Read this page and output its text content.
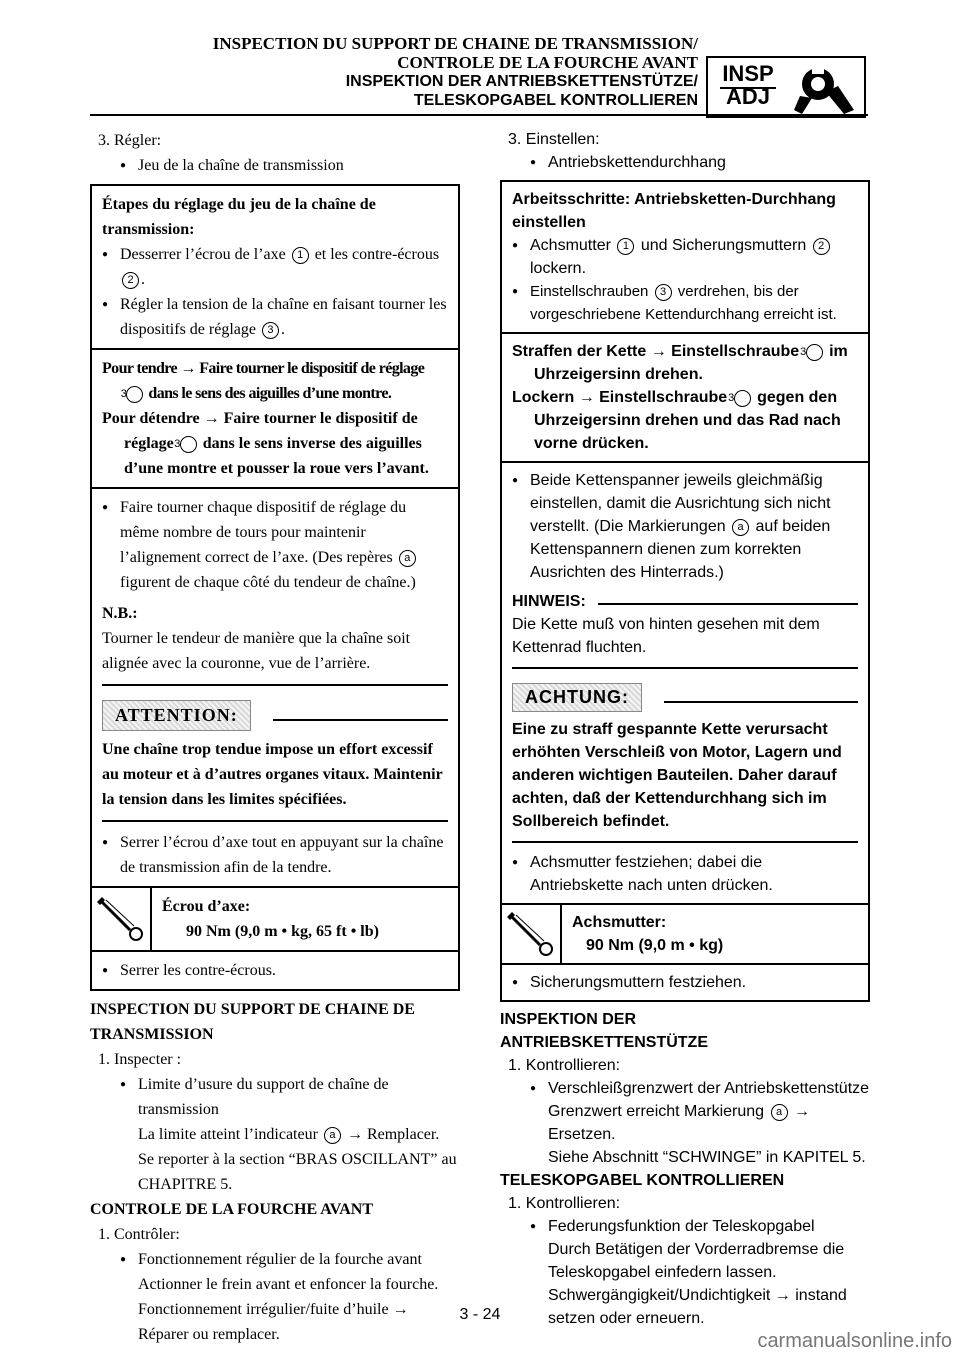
INSPECTION DU SUPPORT DE CHAINE DE TRANSMISSION/
CONTROLE DE LA FOURCHE AVANT
INSPEKTION DER ANTRIEBSKETTENSTÜTZE/
TELESKOPGABEL KONTROLLIEREN
INSP
ADJ
3. Régler:
● Jeu de la chaîne de transmission
Étapes du réglage du jeu de la chaîne de transmission:
● Desserrer l’écrou de l’axe 1 et les contre-écrous 2 .
● Régler la tension de la chaîne en faisant tourner les dispositifs de réglage 3 .
Pour tendre → Faire tourner le dispositif de réglage 3 dans le sens des aiguilles d’une montre.
Pour détendre → Faire tourner le dispositif de réglage 3 dans le sens inverse des aiguilles d’une montre et pousser la roue vers l’avant.
● Faire tourner chaque dispositif de réglage du même nombre de tours pour maintenir l’alignement correct de l’axe. (Des repères a figurent de chaque côté du tendeur de chaîne.)
N.B.:
Tourner le tendeur de manière que la chaîne soit alignée avec la couronne, vue de l’arrière.
ATTENTION:
Une chaîne trop tendue impose un effort excessif au moteur et à d’autres organes vitaux. Maintenir la tension dans les limites spécifiées.
● Serrer l’écrou d’axe tout en appuyant sur la chaîne de transmission afin de la tendre.
Écrou d’axe:
90 Nm (9,0 m • kg, 65 ft • lb)
● Serrer les contre-écrous.
INSPECTION DU SUPPORT DE CHAINE DE TRANSMISSION
1. Inspecter :
● Limite d’usure du support de chaîne de transmission
La limite atteint l’indicateur a → Remplacer.
Se reporter à la section “BRAS OSCILLANT” au CHAPITRE 5.
CONTROLE DE LA FOURCHE AVANT
1. Contrôler:
● Fonctionnement régulier de la fourche avant
Actionner le frein avant et enfoncer la fourche.
Fonctionnement irrégulier/fuite d’huile →
Réparer ou remplacer.
3. Einstellen:
● Antriebskettendurchhang
Arbeitsschritte: Antriebsketten-Durchhang einstellen
● Achsmutter 1 und Sicherungsmuttern 2 lockern.
● Einstellschrauben 3 verdrehen, bis der vorgeschriebene Kettendurchhang erreicht ist.
Straffen der Kette → Einstellschraube 3 im Uhrzeigersinn drehen.
Lockern → Einstellschraube 3 gegen den Uhrzeigersinn drehen und das Rad nach vorne drücken.
● Beide Kettenspanner jeweils gleichmäßig einstellen, damit die Ausrichtung sich nicht verstellt. (Die Markierungen a auf beiden Kettenspannern dienen zum korrekten Ausrichten des Hinterrads.)
HINWEIS:
Die Kette muß von hinten gesehen mit dem Kettenrad fluchten.
ACHTUNG:
Eine zu straff gespannte Kette verursacht erhöhten Verschleiß von Motor, Lagern und anderen wichtigen Bauteilen. Daher darauf achten, daß der Kettendurchhang sich im Sollbereich befindet.
● Achsmutter festziehen; dabei die Antriebskette nach unten drücken.
Achsmutter:
90 Nm (9,0 m • kg)
● Sicherungsmuttern festziehen.
INSPEKTION DER
ANTRIEBSKETTENSTÜTZE
1. Kontrollieren:
● Verschleißgrenzwert der Antriebskettenstütze
Grenzwert erreicht Markierung a → Ersetzen.
Siehe Abschnitt “SCHWINGE” in KAPITEL 5.
TELESKOPGABEL KONTROLLIEREN
1. Kontrollieren:
● Federungsfunktion der Teleskopgabel
Durch Betätigen der Vorderradbremse die Teleskopgabel einfedern lassen.
Schwergängigkeit/Undichtigkeit → instand setzen oder erneuern.
3 - 24
carmanualsonline.info
